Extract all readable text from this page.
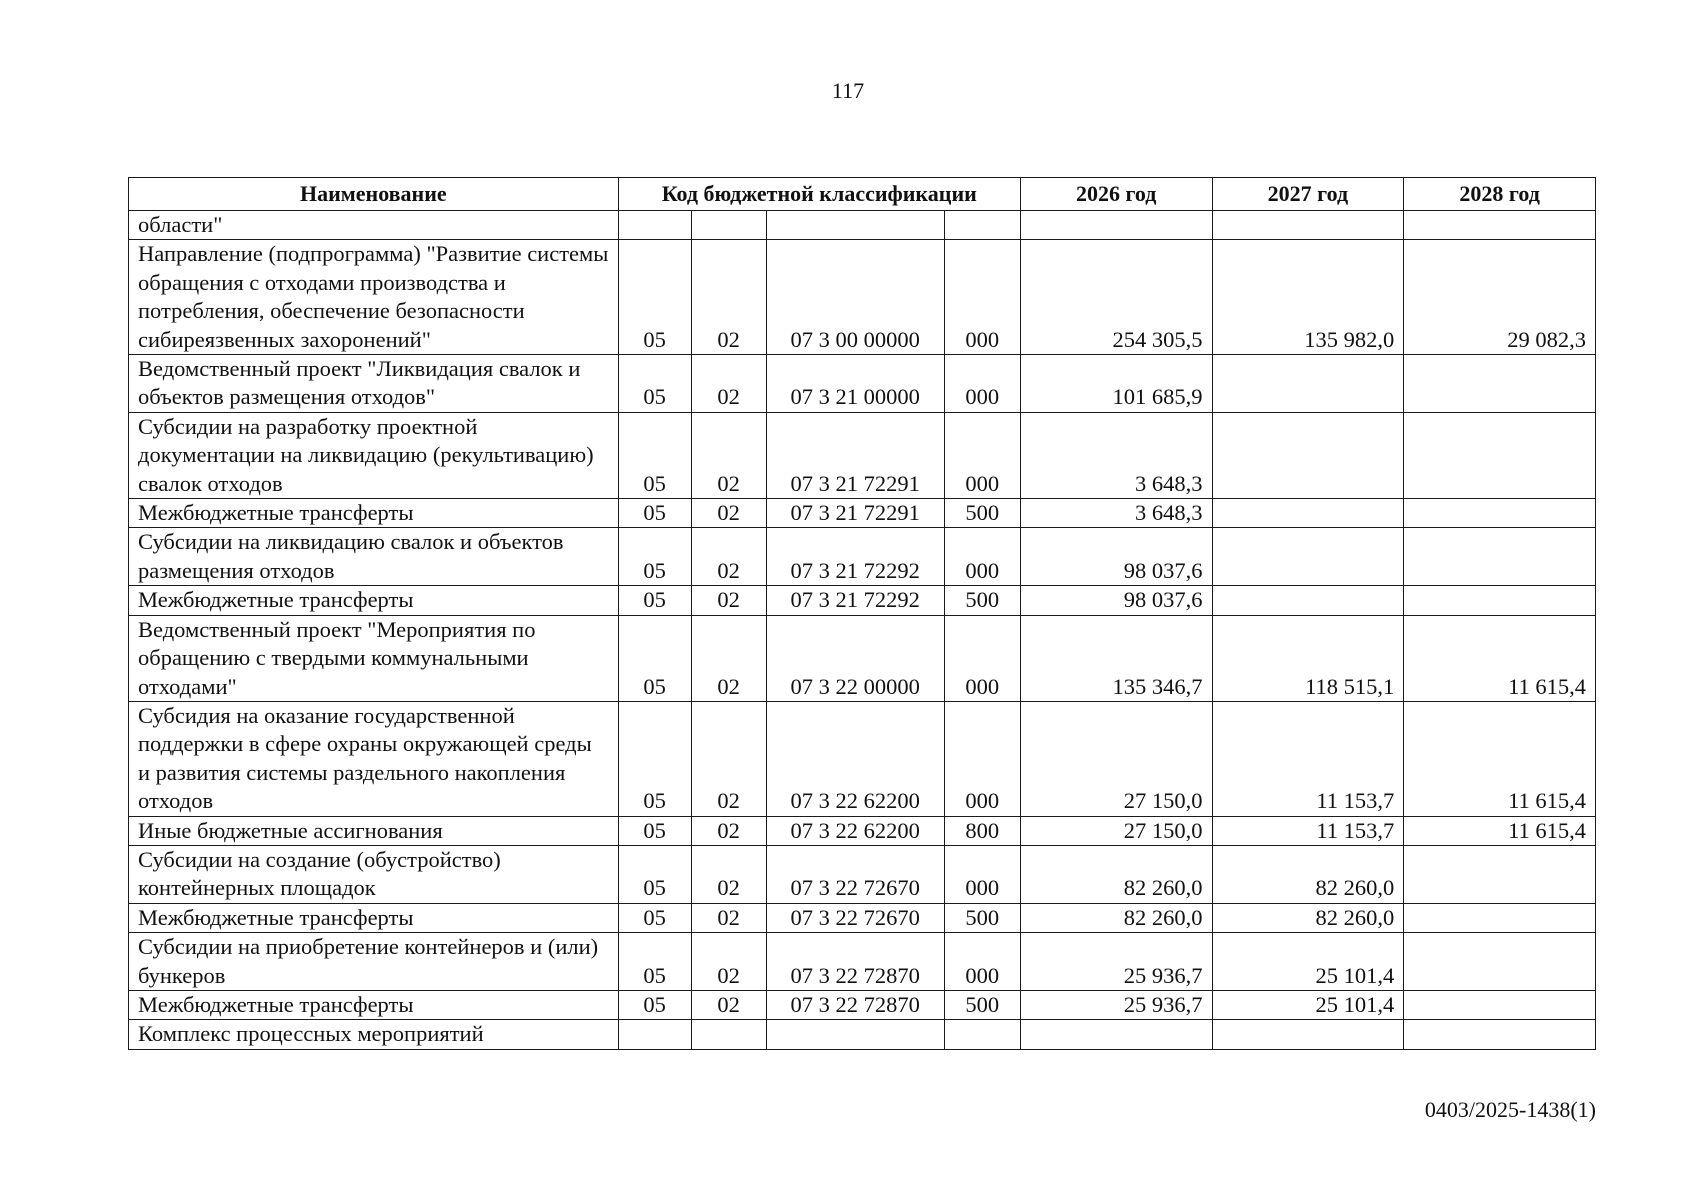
117
Наименование	Код бюджетной классификации				2026 год	2027 год	2028 год
области"							
Направление (подпрограмма) "Развитие системы обращения с отходами производства и потребления, обеспечение безопасности сибиреязвенных захоронений"	05	02	07 3 00 00000	000	254 305,5	135 982,0	29 082,3
Ведомственный проект "Ликвидация свалок и объектов размещения отходов"	05	02	07 3 21 00000	000	101 685,9		
Субсидии на разработку проектной документации на ликвидацию (рекультивацию) свалок отходов	05	02	07 3 21 72291	000	3 648,3		
Межбюджетные трансферты	05	02	07 3 21 72291	500	3 648,3		
Субсидии на ликвидацию свалок и объектов размещения отходов	05	02	07 3 21 72292	000	98 037,6		
Межбюджетные трансферты	05	02	07 3 21 72292	500	98 037,6		
Ведомственный проект "Мероприятия по обращению с твердыми коммунальными отходами"	05	02	07 3 22 00000	000	135 346,7	118 515,1	11 615,4
Субсидия на оказание государственной поддержки в сфере охраны окружающей среды и развития системы раздельного накопления отходов	05	02	07 3 22 62200	000	27 150,0	11 153,7	11 615,4
Иные бюджетные ассигнования	05	02	07 3 22 62200	800	27 150,0	11 153,7	11 615,4
Субсидии на создание (обустройство) контейнерных площадок	05	02	07 3 22 72670	000	82 260,0	82 260,0	
Межбюджетные трансферты	05	02	07 3 22 72670	500	82 260,0	82 260,0	
Субсидии на приобретение контейнеров и (или) бункеров	05	02	07 3 22 72870	000	25 936,7	25 101,4	
Межбюджетные трансферты	05	02	07 3 22 72870	500	25 936,7	25 101,4	
Комплекс процессных мероприятий							
0403/2025-1438(1)
